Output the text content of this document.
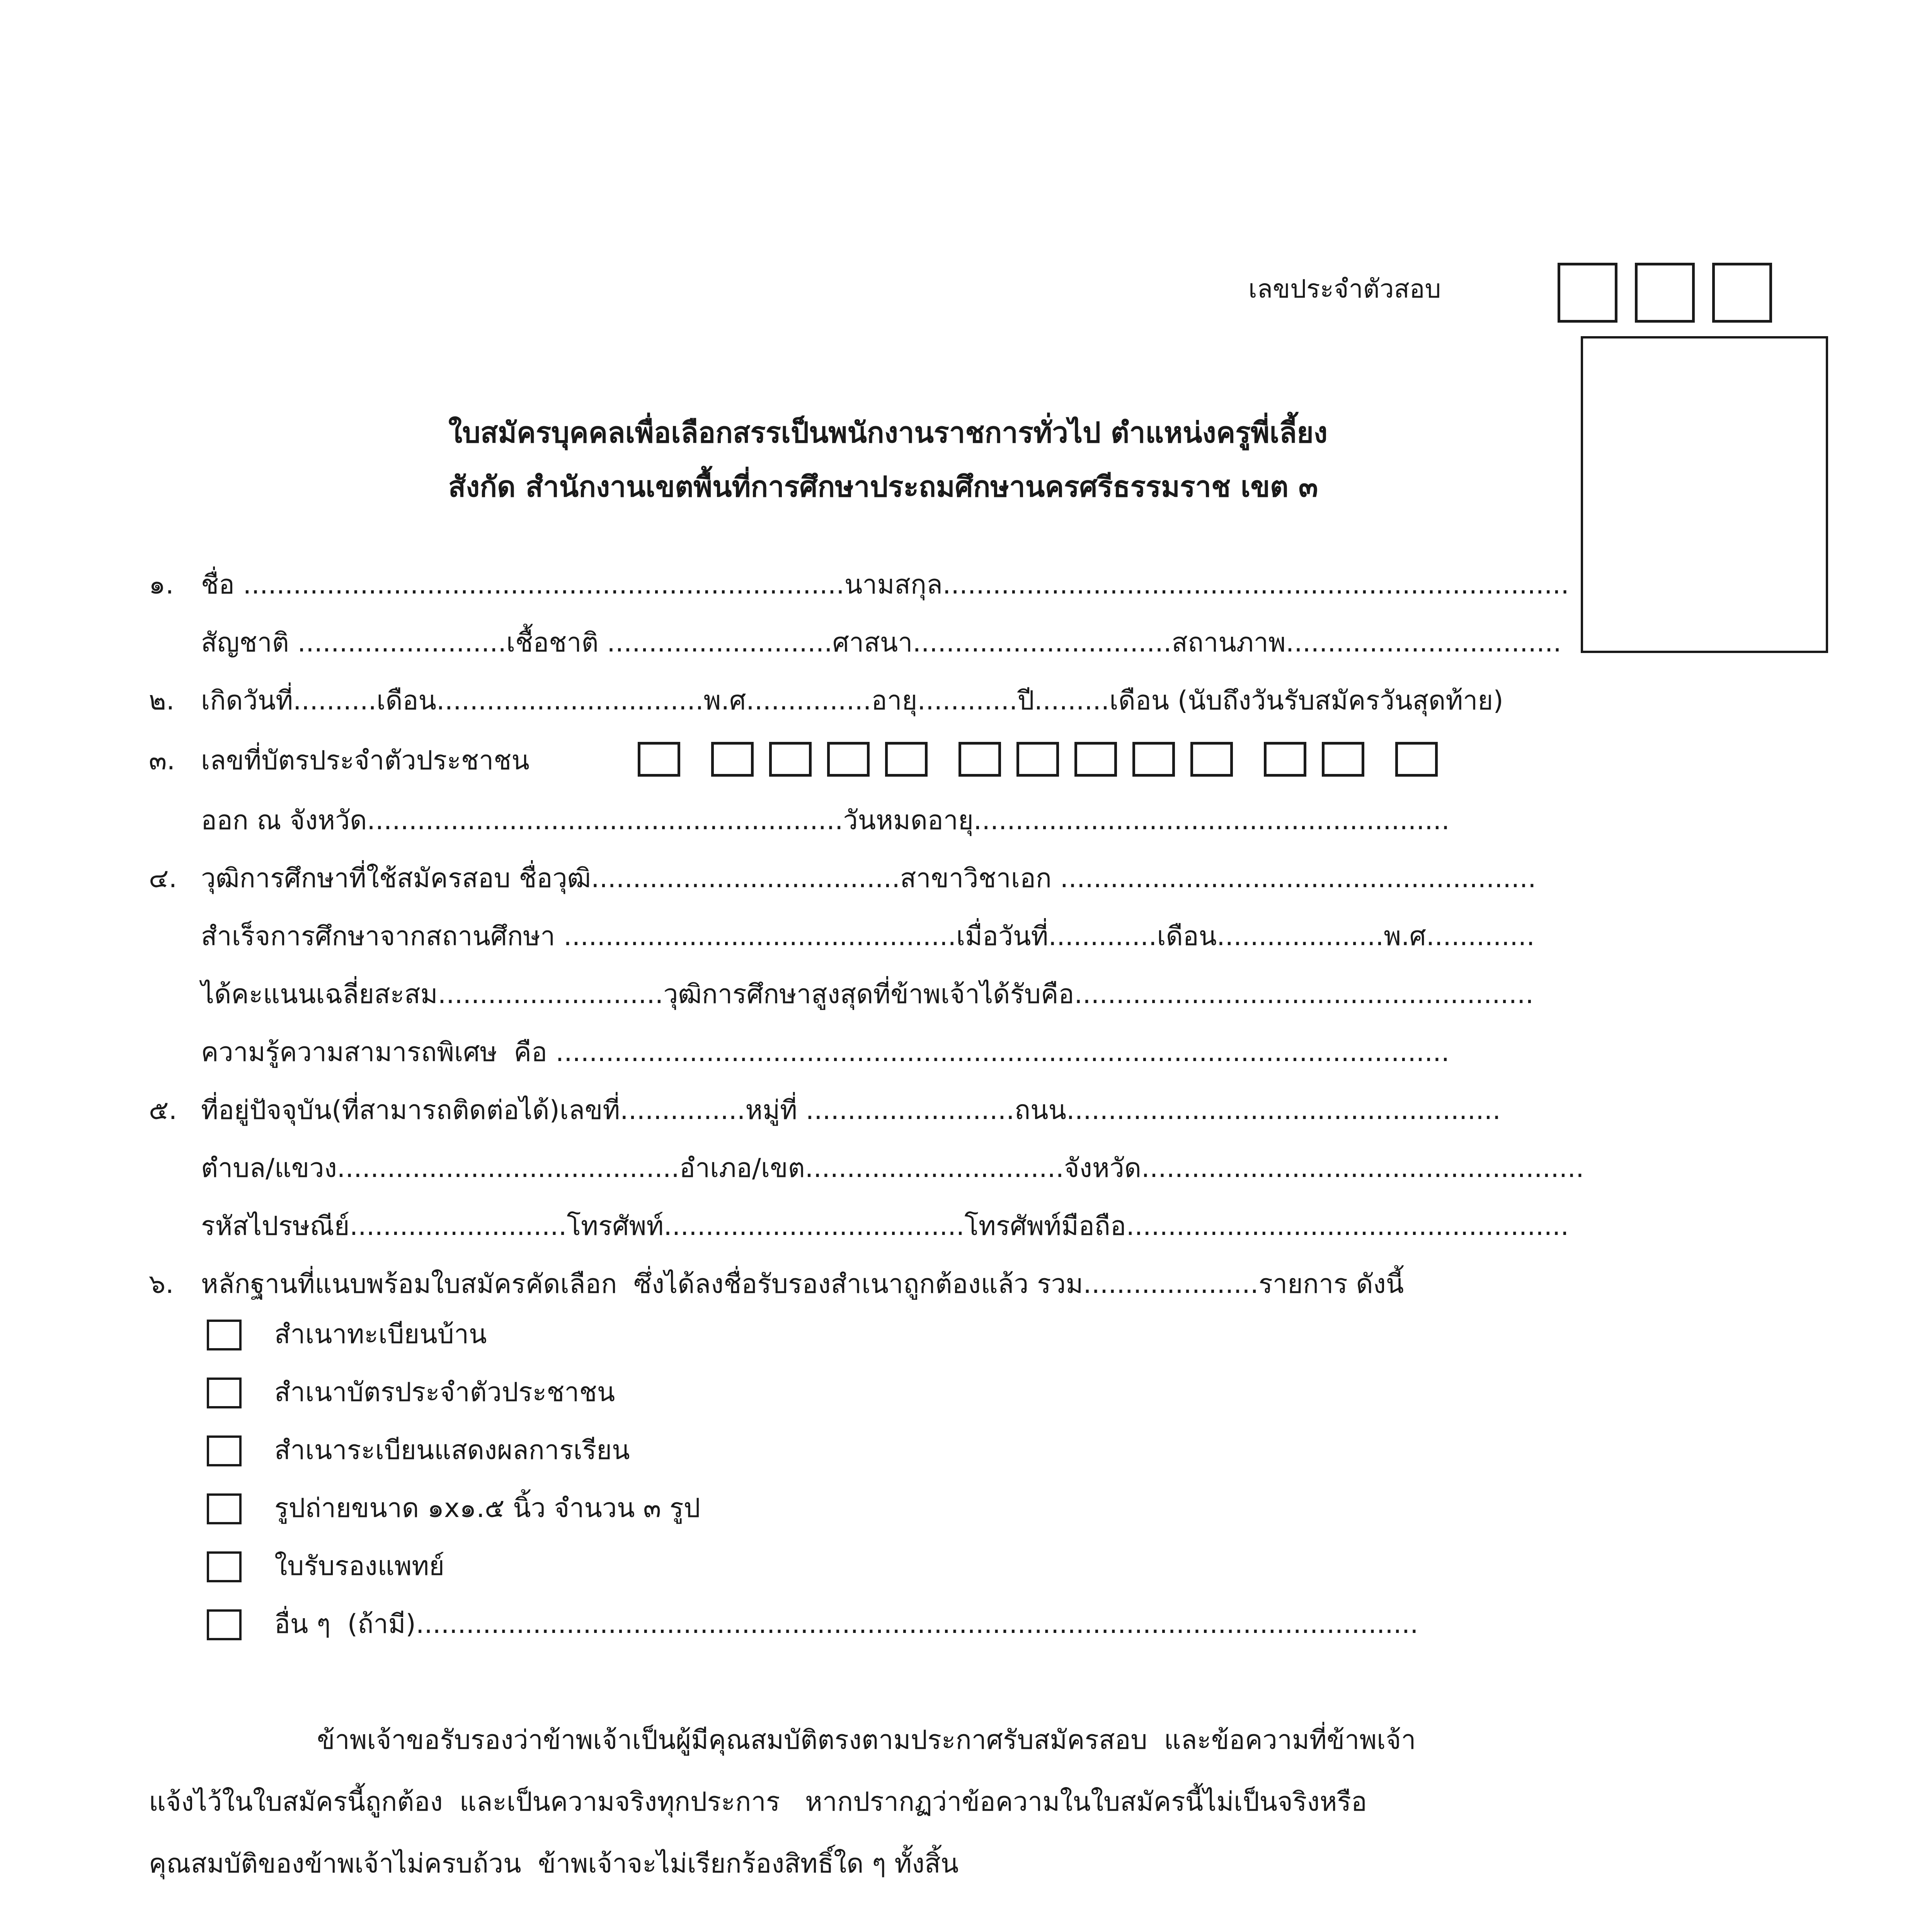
เลขประจำตัวสอบ
ใบสมัครบุคคลเพื่อเลือกสรรเป็นพนักงานราชการทั่วไป ตำแหน่งครูพี่เลี้ยง
สังกัด สำนักงานเขตพื้นที่การศึกษาประถมศึกษานครศรีธรรมราช เขต ๓
๑. ชื่อ ........................................................................นามสกุล...........................................................................
สัญชาติ .........................เชื้อชาติ ...........................ศาสนา...............................สถานภาพ.................................
๒. เกิดวันที่..........เดือน................................พ.ศ...............อายุ............ปี.........เดือน (นับถึงวันรับสมัครวันสุดท้าย)
๓. เลขที่บัตรประจำตัวประชาชน
ออก ณ จังหวัด.........................................................วันหมดอายุ.........................................................
๔. วุฒิการศึกษาที่ใช้สมัครสอบ ชื่อวุฒิ.....................................สาขาวิชาเอก .........................................................
สำเร็จการศึกษาจากสถานศึกษา ...............................................เมื่อวันที่.............เดือน....................พ.ศ.............
ได้คะแนนเฉลี่ยสะสม...........................วุฒิการศึกษาสูงสุดที่ข้าพเจ้าได้รับคือ.......................................................
ความรู้ความสามารถพิเศษ  คือ ...........................................................................................................
๕. ที่อยู่ปัจจุบัน(ที่สามารถติดต่อได้)เลขที่...............หมู่ที่ .........................ถนน....................................................
ตำบล/แขวง.........................................อำเภอ/เขต...............................จังหวัด.....................................................
รหัสไปรษณีย์..........................โทรศัพท์....................................โทรศัพท์มือถือ.....................................................
๖. หลักฐานที่แนบพร้อมใบสมัครคัดเลือก  ซึ่งได้ลงชื่อรับรองสำเนาถูกต้องแล้ว รวม.....................รายการ ดังนี้
สำเนาทะเบียนบ้าน
สำเนาบัตรประจำตัวประชาชน
สำเนาระเบียนแสดงผลการเรียน
รูปถ่ายขนาด ๑x๑.๕ นิ้ว จำนวน ๓ รูป
ใบรับรองแพทย์
อื่น ๆ  (ถ้ามี)........................................................................................................................
ข้าพเจ้าขอรับรองว่าข้าพเจ้าเป็นผู้มีคุณสมบัติตรงตามประกาศรับสมัครสอบ  และข้อความที่ข้าพเจ้า
แจ้งไว้ในใบสมัครนี้ถูกต้อง  และเป็นความจริงทุกประการ   หากปรากฏว่าข้อความในใบสมัครนี้ไม่เป็นจริงหรือ
คุณสมบัติของข้าพเจ้าไม่ครบถ้วน  ข้าพเจ้าจะไม่เรียกร้องสิทธิ์ใด ๆ ทั้งสิ้น
